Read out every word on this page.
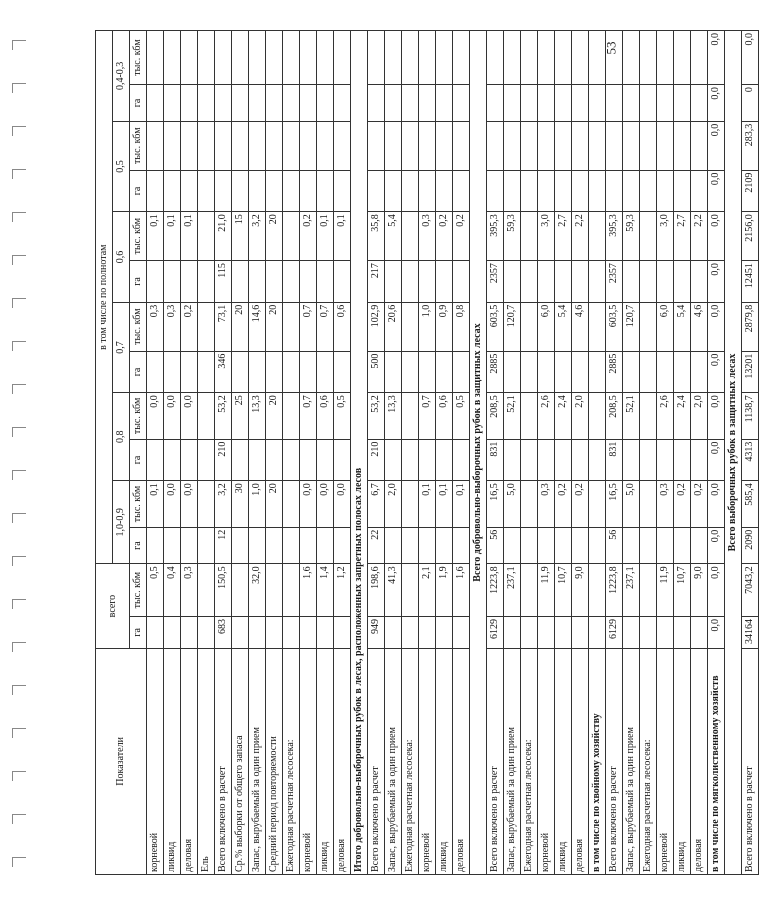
53
Показатели	всего		в том числе по полнотам											
			1,0-0,9		0,8		0,7		0,6		0,5		0,4-0,3	
	га	тыс. кбм	га	тыс. кбм	га	тыс. кбм	га	тыс. кбм	га	тыс. кбм	га	тыс. кбм	га	тыс. кбм
корневой		0,5		0,1		0,0		0,3		0,1				
ликвид		0,4		0,0		0,0		0,3		0,1				
деловая		0,3		0,0		0,0		0,2		0,1				
Ель														
Всего включено в расчет	683	150,5	12	3,2	210	53,2	346	73,1	115	21,0				
Ср.% выборки от общего запаса				30		25		20		15				
Запас, вырубаемый за один прием		32,0		1,0		13,3		14,6		3,2				
Средний период повторяемости				20		20		20		20				
Ежегодная расчетная лесосека:														
корневой		1,6		0,0		0,7		0,7		0,2				
ликвид		1,4		0,0		0,6		0,7		0,1				
деловая		1,2		0,0		0,5		0,6		0,1				
Итого добровольно-выборочных рубок в лесах, расположенных запретных полосах лесов														
Всего включено в расчет	949	198,6	22	6,7	210	53,2	500	102,9	217	35,8				
Запас, вырубаемый за один прием		41,3		2,0		13,3		20,6		5,4				
Ежегодная расчетная лесосека:														
корневой		2,1		0,1		0,7		1,0		0,3				
ликвид		1,9		0,1		0,6		0,9		0,2				
деловая		1,6		0,1		0,5		0,8		0,2				
Всего добровольно-выборочных рубок в защитных лесах														
Всего включено в расчет	6129	1223,8	56	16,5	831	208,5	2885	603,5	2357	395,3				
Запас, вырубаемый за один прием		237,1		5,0		52,1		120,7		59,3				
Ежегодная расчетная лесосека:														
корневой		11,9		0,3		2,6		6,0		3,0				
ликвид		10,7		0,2		2,4		5,4		2,7				
деловая		9,0		0,2		2,0		4,6		2,2				
в том числе по хвойному хозяйству														
Всего включено в расчет	6129	1223,8	56	16,5	831	208,5	2885	603,5	2357	395,3				
Запас, вырубаемый за один прием		237,1		5,0		52,1		120,7		59,3				
Ежегодная расчетная лесосека:														
корневой		11,9		0,3		2,6		6,0		3,0				
ликвид		10,7		0,2		2,4		5,4		2,7				
деловая		9,0		0,2		2,0		4,6		2,2				
в том числе по мягколиственному хозяйств	0,0	0,0	0,0	0,0	0,0	0,0	0,0	0,0	0,0	0,0	0,0	0,0	0,0	0,0
Всего выборочных рубок в защитных лесах														
Всего включено в расчет	34164	7043,2	2090	585,4	4313	1138,7	13201	2879,8	12451	2156,0	2109	283,3	0	0,0
